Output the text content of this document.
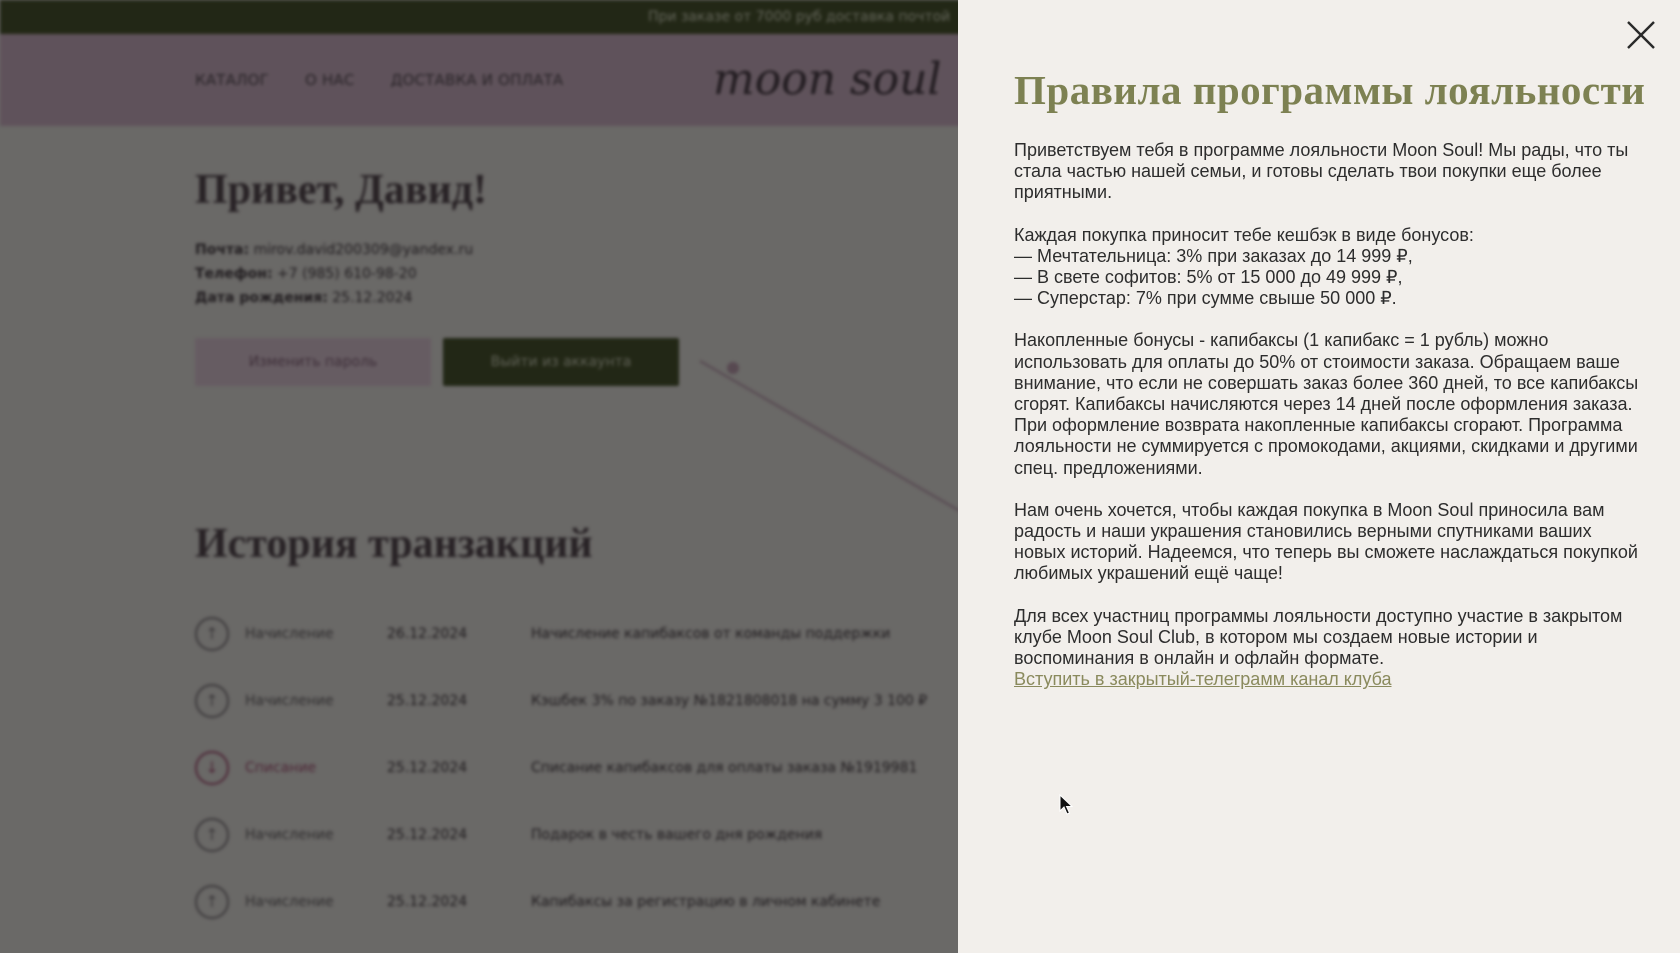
Правила программы лояльности

Приветствуем тебя в программе лояльности Moon Soul! Мы рады, что ты стала частью нашей семьи, и готовы сделать твои покупки еще более приятными.

Каждая покупка приносит тебе кешбэк в виде бонусов:
— Мечтательница: 3% при заказах до 14 999 ₽,
— В свете софитов: 5% от 15 000 до 49 999 ₽,
— Суперстар: 7% при сумме свыше 50 000 ₽.

Накопленные бонусы - капибаксы (1 капибакс = 1 рубль) можно использовать для оплаты до 50% от стоимости заказа. Обращаем ваше внимание, что если не совершать заказ более 360 дней, то все капибаксы сгорят. Капибаксы начисляются через 14 дней после оформления заказа. При оформление возврата накопленные капибаксы сгорают. Программа лояльности не суммируется с промокодами, акциями, скидками и другими спец. предложениями.

Нам очень хочется, чтобы каждая покупка в Moon Soul приносила вам радость и наши украшения становились верными спутниками ваших новых историй. Надеемся, что теперь вы сможете наслаждаться покупкой любимых украшений ещё чаще!

Для всех участниц программы лояльности доступно участие в закрытом клубе Moon Soul Club, в котором мы создаем новые истории и воспоминания в онлайн и офлайн формате.
Вступить в закрытый-телеграмм канал клуба
